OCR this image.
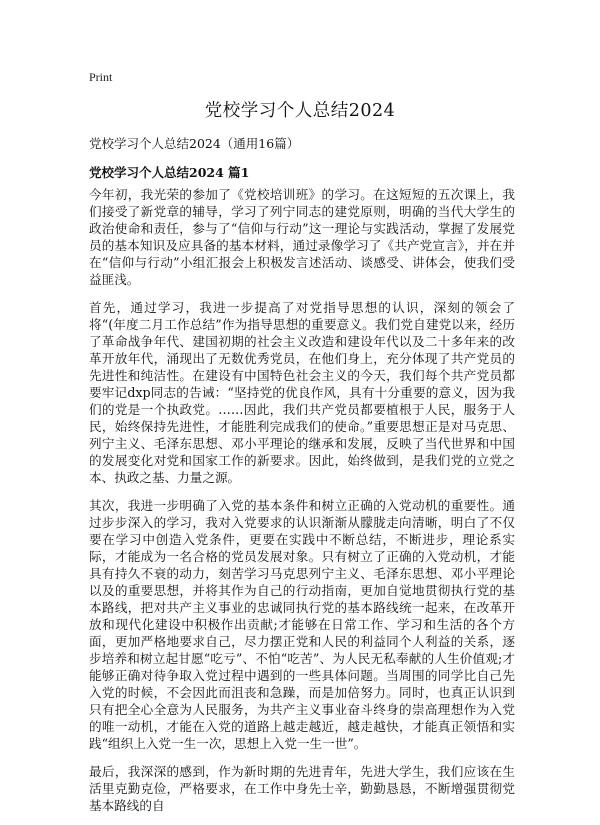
Print
党校学习个人总结2024

党校学习个人总结2024（通用16篇）

党校学习个人总结2024 篇1

今年初，我光荣的参加了《党校培训班》的学习。在这短短的五次课上，我们接受了新党章的辅导，学习了列宁同志的建党原则，明确的当代大学生的政治使命和责任，参与了“信仰与行动”这一理论与实践活动，掌握了发展党员的基本知识及应具备的基本材料，通过录像学习了《共产党宣言》，并在并在“信仰与行动”小组汇报会上积极发言述活动、谈感受、讲体会，使我们受益匪浅。

首先，通过学习，我进一步提高了对党指导思想的认识，深刻的领会了将“(年度二月工作总结”作为指导思想的重要意义。我们党自建党以来，经历了革命战争年代、建国初期的社会主义改造和建设年代以及二十多年来的改革开放年代，涌现出了无数优秀党员，在他们身上，充分体现了共产党员的先进性和纯洁性。在建设有中国特色社会主义的今天，我们每个共产党员都要牢记dxp同志的告诫：“坚持党的优良作风，具有十分重要的意义，因为我们的党是一个执政党。……因此，我们共产党员都要植根于人民，服务于人民，始终保持先进性，才能胜利完成我们的使命。”重要思想正是对马克思、列宁主义、毛泽东思想、邓小平理论的继承和发展，反映了当代世界和中国的发展变化对党和国家工作的新要求。因此，始终做到，是我们党的立党之本、执政之基、力量之源。

其次，我进一步明确了入党的基本条件和树立正确的入党动机的重要性。通过步步深入的学习，我对入党要求的认识渐渐从朦胧走向清晰，明白了不仅要在学习中创造入党条件，更要在实践中不断总结，不断进步，理论系实际，才能成为一名合格的党员发展对象。只有树立了正确的入党动机，才能具有持久不衰的动力，刻苦学习马克思列宁主义、毛泽东思想、邓小平理论以及的重要思想，并将其作为自己的行动指南，更加自觉地贯彻执行党的基本路线，把对共产主义事业的忠诚同执行党的基本路线统一起来，在改革开放和现代化建设中积极作出贡献;才能够在日常工作、学习和生活的各个方面，更加严格地要求自己，尽力摆正党和人民的利益同个人利益的关系，逐步培养和树立起甘愿“吃亏”、不怕“吃苦”、为人民无私奉献的人生价值观;才能够正确对待争取入党过程中遇到的一些具体问题。当周围的同学比自己先入党的时候，不会因此而沮丧和急躁，而是加倍努力。同时，也真正认识到只有把全心全意为人民服务，为共产主义事业奋斗终身的崇高理想作为入党的唯一动机，才能在入党的道路上越走越近，越走越快，才能真正领悟和实践“组织上入党一生一次，思想上入党一生一世”。

最后，我深深的感到，作为新时期的先进青年，先进大学生，我们应该在生活里克勤克俭，严格要求，在工作中身先士辛，勤勤恳恳，不断增强贯彻党基本路线的自
